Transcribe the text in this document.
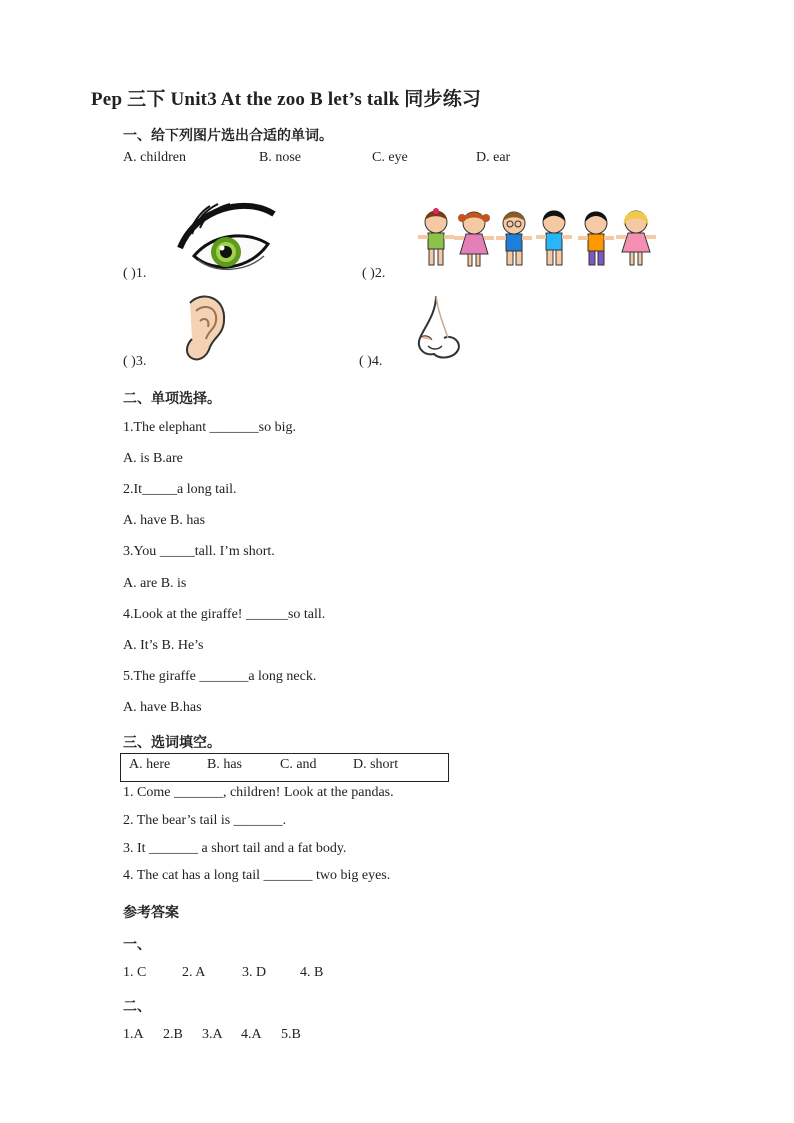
Pep 三下 Unit3 At the zoo B let’s talk 同步练习
一、给下列图片选出合适的单词。
A. children	B. nose	C. eye	D. ear
( )1.	( )2.
( )3.	( )4.
二、单项选择。
1.The elephant _______so big.
A. is B.are
2.It_____a long tail.
A. have B. has
3.You _____tall. I’m short.
A. are B. is
4.Look at the giraffe! ______so tall.
A. It’s B. He’s
5.The giraffe _______a long neck.
A. have B.has
三、选词填空。
A. here	B. has	C. and	D. short
1. Come _______, children! Look at the pandas.
2. The bear’s tail is _______.
3. It _______ a short tail and a fat body.
4. The cat has a long tail _______ two big eyes.
参考答案
一、
1. C	2. A	3. D 4. B
二、
1.A 2.B 3.A 4.A 5.B
